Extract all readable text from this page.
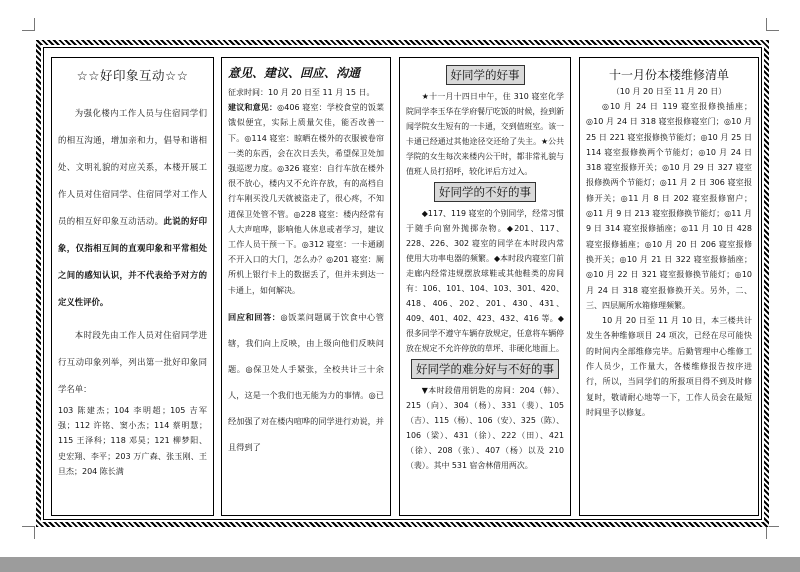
☆☆好印象互动☆☆

为强化楼内工作人员与住宿同学们的相互沟通，增加亲和力，倡导和谐相处、文明礼貌的对应关系，本楼开展工作人员对住宿同学、住宿同学对工作人员的相互好印象互动活动。此说的好印象，仅指相互间的直观印象和平常相处之间的感知认识，并不代表给予对方的定义性评价。

本时段先由工作人员对住宿同学进行互动印象列举，列出第一批好印象同学名单：

103 陈建杰；104 李明超；105 吉军强；112 许铭、窦小杰；114 蔡明慧；115 王泽科；118 邓昊；121 柳梦阳、史宏翔、李平；203 万广森、张玉刚、王旦杰；204 陈长满

意见、建议、回应、沟通

征求时间：10 月 20 日至 11 月 15 日。

建议和意见：◎406 寝室：学校食堂的饭菜饿似便宜，实际上质量欠佳，能否改善一下。◎114 寝室：晾晒在楼外的衣服被卷帘一类的东西，会在次日丢失，希望保卫处加强巡逻力度。◎326 寝室：自行车放在楼外很不放心，楼内又不允许存放，有的高档自行车刚买没几天就被盗走了，很心疼，不知道保卫处管不管。◎228 寝室：楼内经常有人大声喧哗，影响他人休息或者学习，建议工作人员干预一下。◎312 寝室：一卡通刷不开入口的大门，怎么办？◎201 寝室：厕所机上银行卡上的数据丢了，但并未到达一卡通上，如何解决。

回应和回答：◎饭菜问题属于饮食中心管辖，我们向上反映，由上级向他们反映问题。◎保卫处人手紧张，全校共计三十余人，这是一个我们也无能为力的事情。◎已经加强了对在楼内喧哗的同学进行劝说，并且得到了

好同学的好事

★十一月十四日中午，住 310 寝室化学院同学李玉华在学府餐厅吃饭的时候，捡到新闻学院女生短有的一卡通，交到值班室。该一卡通已经通过其他途径交还给了失主。★公共学院的女生每次来楼内公干时，都非常礼貌与值班人员打招呼，较化评后方过入。

好同学的不好的事

◆117、119 寝室的个别同学，经常习惯于随手向窗外抛掷杂物。◆201、117、228、226、302 寝室的同学在本时段内常使用大功率电器的频繁。◆本时段内寝室门前走廊内经常违规摆放球鞋或其他鞋类的房间有：106、101、104、103、301、420、418、406、202、201、430、431、409、401、402、423、432、416 等。◆很多同学不遵守车辆存放规定，任意将车辆停放在规定不允许停放的草坪、非硬化地面上。

好同学的难分好与不好的事

▼本时段借用钥匙的房间：204（韩）、215（向）、304（杨）、331（裴）、105（吉）、115（杨）、106（安）、325（陈）、106（梁）、431（徐）、222（田）、421（徐）、208（张）、407（杨）以及 210（裴）。其中 531 宿舍林借用两次。

十一月份本楼维修清单
（10 月 20 日至 11 月 20 日）

◎10 月 24 日 119 寝室报修换插座；◎10 月 24 日 318 寝室报修寝室门；◎10 月 25 日 221 寝室报修换节能灯；◎10 月 25 日 114 寝室报修换两个节能灯；◎10 月 24 日 318 寝室报修开关；◎10 月 29 日 327 寝室报修换两个节能灯；◎11 月 2 日 306 寝室报修开关；◎11 月 8 日 202 寝室报修窗户；◎11 月 9 日 213 寝室报修换节能灯；◎11 月 9 日 314 寝室报修插座；◎11 月 10 日 428 寝室报修插座；◎10 月 20 日 206 寝室报修换开关；◎10 月 21 日 322 寝室报修插座；◎10 月 22 日 321 寝室报修换节能灯；◎10 月 24 日 318 寝室报修换开关。另外，二、三、四层厕所水箱修理频繁。

10 月 20 日至 11 月 10 日，本三楼共计发生各种维修项目 24 项次，已经在尽可能快的时间内全部维修完毕。后勤管理中心维修工作人员少，工作量大，各楼维修报告按序进行，所以，当同学们的所报项目得不到及时修复时，敬请耐心地等一下，工作人员会在最短时间里予以修复。
